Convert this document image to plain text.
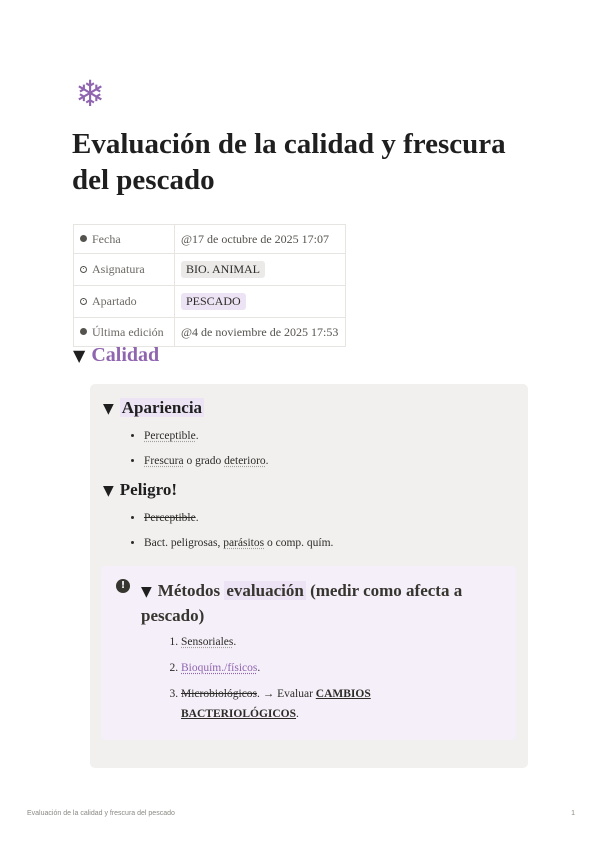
❄
Evaluación de la calidad y frescura del pescado
Fecha	@17 de octubre de 2025 17:07
Asignatura	BIO. ANIMAL
Apartado	PESCADO
Última edición	@4 de noviembre de 2025 17:53
▼ Calidad
▼ Apariencia
• Perceptible.
• Frescura o grado deterioro.
▼ Peligro!
• Perceptible.
• Bact. peligrosas, parásitos o comp. quím.
!	▼ Métodos evaluación (medir como afecta a pescado)
1. Sensoriales.
2. Bioquím./físicos.
3. Microbiológicos. → Evaluar CAMBIOS BACTERIOLÓGICOS.
Evaluación de la calidad y frescura del pescado	1
